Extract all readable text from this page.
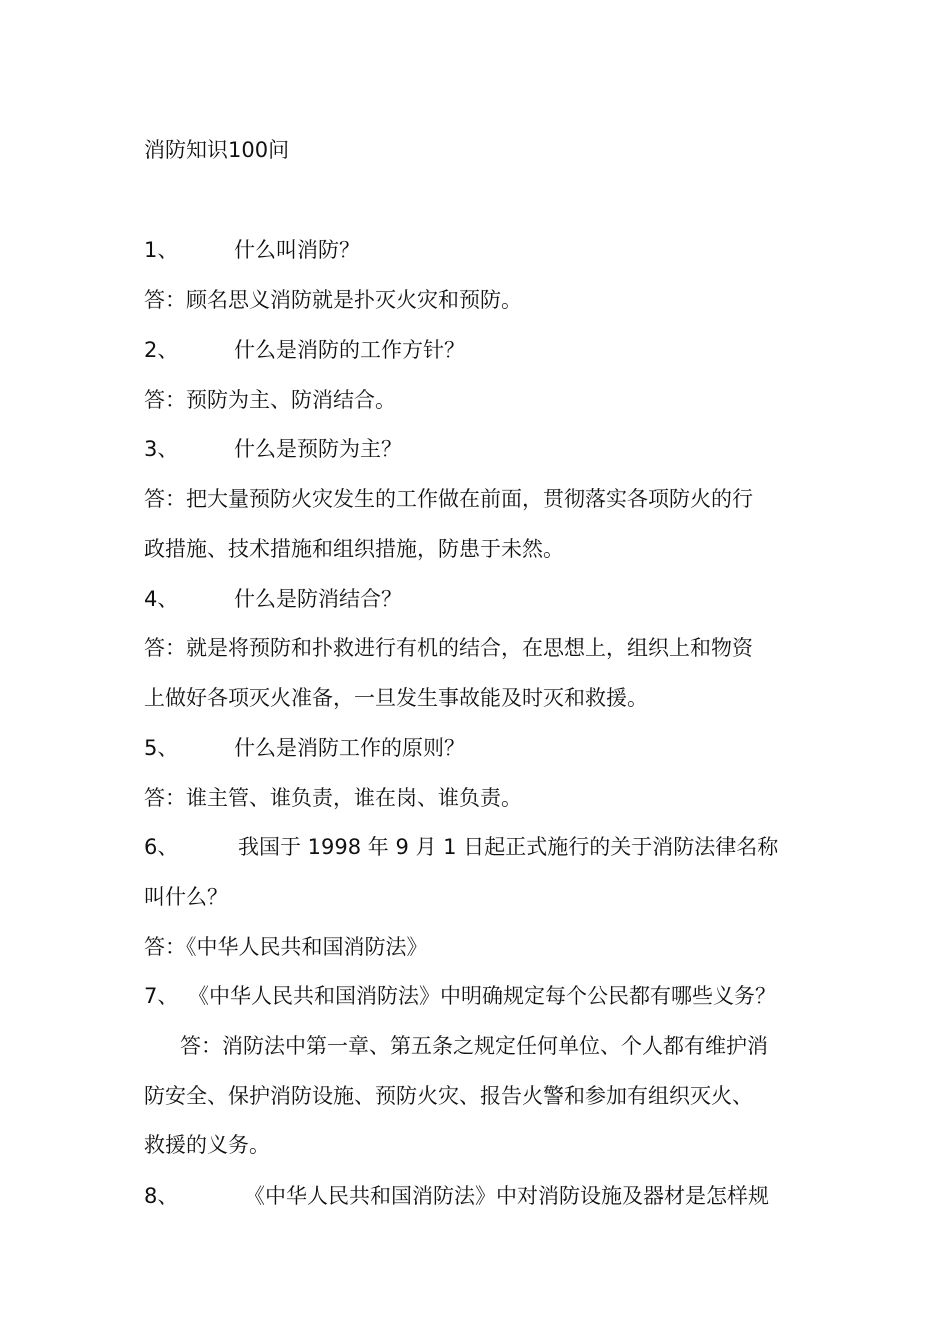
消防知识100问
1、	什么叫消防？
答：顾名思义消防就是扑灭火灾和预防。
2、	什么是消防的工作方针？
答：预防为主、防消结合。
3、	什么是预防为主？
答：把大量预防火灾发生的工作做在前面，贯彻落实各项防火的行
政措施、技术措施和组织措施，防患于未然。
4、	什么是防消结合？
答：就是将预防和扑救进行有机的结合，在思想上，组织上和物资
上做好各项灭火准备，一旦发生事故能及时灭和救援。
5、	什么是消防工作的原则？
答：谁主管、谁负责，谁在岗、谁负责。
6、	我国于 1998 年 9 月 1 日起正式施行的关于消防法律名称
叫什么？
答：《中华人民共和国消防法》
7、 《中华人民共和国消防法》中明确规定每个公民都有哪些义务？
答：消防法中第一章、第五条之规定任何单位、个人都有维护消
防安全、保护消防设施、预防火灾、报告火警和参加有组织灭火、
救援的义务。
8、	《中华人民共和国消防法》中对消防设施及器材是怎样规
